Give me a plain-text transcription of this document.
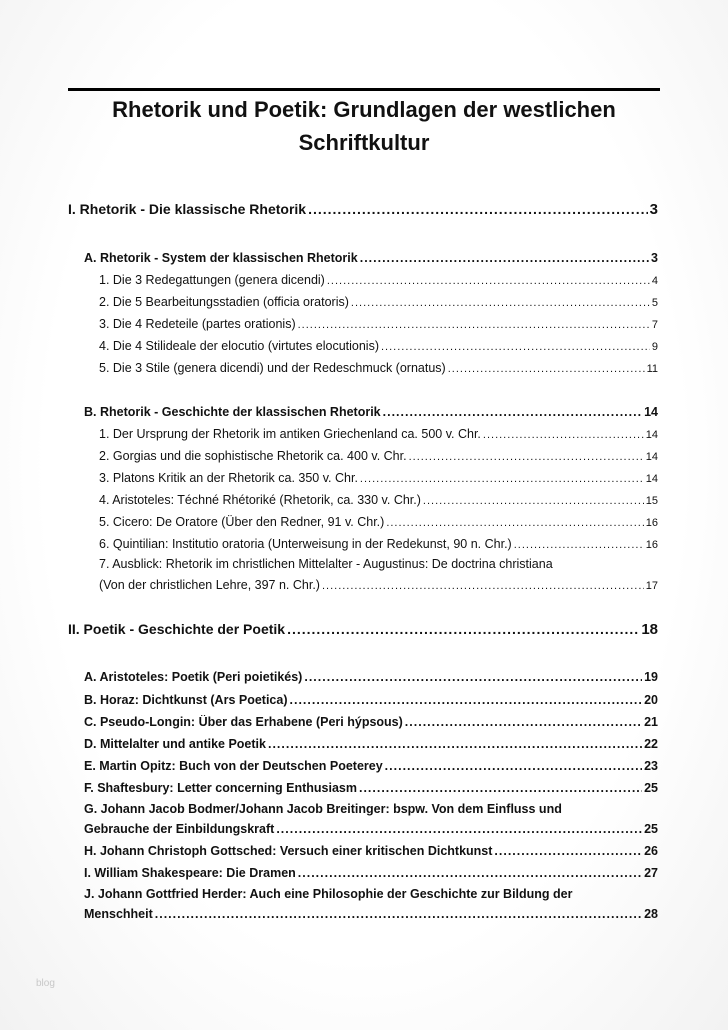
Rhetorik und Poetik: Grundlagen der westlichen
Schriftkultur
I. Rhetorik - Die klassische Rhetorik .....	3
A. Rhetorik - System der klassischen Rhetorik .....	3
1. Die 3 Redegattungen (genera dicendi) .....	4
2. Die 5 Bearbeitungsstadien (officia oratoris) .....	5
3. Die 4 Redeteile (partes orationis) .....	7
4. Die 4 Stilideale der elocutio (virtutes elocutionis) .....	9
5. Die 3 Stile (genera dicendi) und der Redeschmuck (ornatus) .....	11
B. Rhetorik - Geschichte der klassischen Rhetorik .....	14
1. Der Ursprung der Rhetorik im antiken Griechenland ca. 500 v. Chr. .....	14
2. Gorgias und die sophistische Rhetorik ca. 400 v. Chr. .....	14
3. Platons Kritik an der Rhetorik ca. 350 v. Chr. .....	14
4. Aristoteles: Téchné Rhétoriké (Rhetorik, ca. 330 v. Chr.) .....	15
5. Cicero: De Oratore (Über den Redner, 91 v. Chr.) .....	16
6. Quintilian: Institutio oratoria (Unterweisung in der Redekunst, 90 n. Chr.) .....	16
7. Ausblick: Rhetorik im christlichen Mittelalter - Augustinus: De doctrina christiana
(Von der christlichen Lehre, 397 n. Chr.) .....	17
II. Poetik - Geschichte der Poetik .....	18
A. Aristoteles: Poetik (Peri poietikés) .....	19
B. Horaz: Dichtkunst (Ars Poetica) .....	20
C. Pseudo-Longin: Über das Erhabene (Peri hýpsous) .....	21
D. Mittelalter und antike Poetik .....	22
E. Martin Opitz: Buch von der Deutschen Poeterey .....	23
F. Shaftesbury: Letter concerning Enthusiasm .....	25
G. Johann Jacob Bodmer/Johann Jacob Breitinger: bspw. Von dem Einfluss und
Gebrauche der Einbildungskraft .....	25
H. Johann Christoph Gottsched: Versuch einer kritischen Dichtkunst .....	26
I. William Shakespeare: Die Dramen .....	27
J. Johann Gottfried Herder: Auch eine Philosophie der Geschichte zur Bildung der
Menschheit .....	28
blog
